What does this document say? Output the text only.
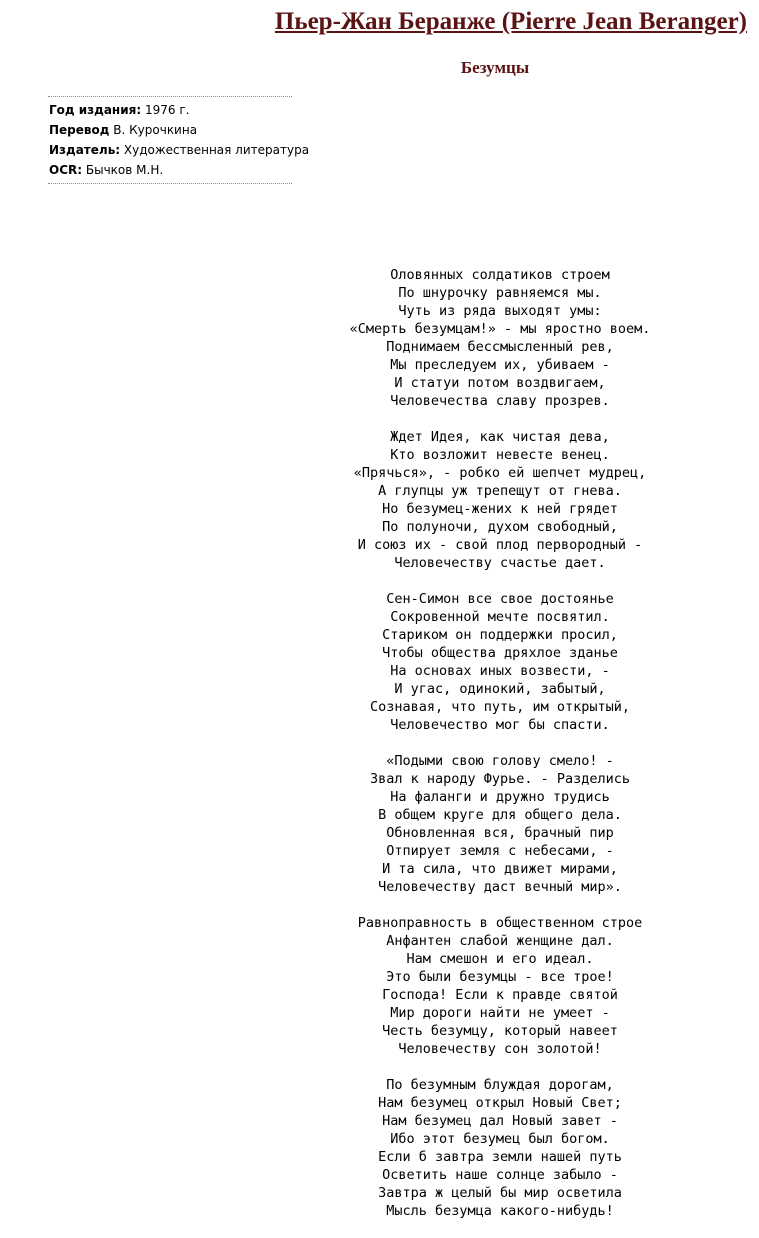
Пьер-Жан Беранже (Pierre Jean Beranger)
Безумцы
Год издания: 1976 г.
Перевод В. Курочкина
Издатель: Художественная литература
OCR: Бычков М.Н.
Оловянных солдатиков строем
По шнурочку равняемся мы.
Чуть из ряда выходят умы:
«Смерть безумцам!» - мы яростно воем.
Поднимаем бессмысленный рев,
Мы преследуем их, убиваем -
И статуи потом воздвигаем,
Человечества славу прозрев.
Ждет Идея, как чистая дева,
Кто возложит невесте венец.
«Прячься», - робко ей шепчет мудрец,
А глупцы уж трепещут от гнева.
Но безумец-жених к ней грядет
По полуночи, духом свободный,
И союз их - свой плод первородный -
Человечеству счастье дает.
Сен-Симон все свое достоянье
Сокровенной мечте посвятил.
Стариком он поддержки просил,
Чтобы общества дряхлое зданье
На основах иных возвести, -
И угас, одинокий, забытый,
Сознавая, что путь, им открытый,
Человечество мог бы спасти.
«Подыми свою голову смело! -
Звал к народу Фурье. - Разделись
На фаланги и дружно трудись
В общем круге для общего дела.
Обновленная вся, брачный пир
Отпирует земля с небесами, -
И та сила, что движет мирами,
Человечеству даст вечный мир».
Равноправность в общественном строе
Анфантен слабой женщине дал.
Нам смешон и его идеал.
Это были безумцы - все трое!
Господа! Если к правде святой
Мир дороги найти не умеет -
Честь безумцу, который навеет
Человечеству сон золотой!
По безумным блуждая дорогам,
Нам безумец открыл Новый Свет;
Нам безумец дал Новый завет -
Ибо этот безумец был богом.
Если б завтра земли нашей путь
Осветить наше солнце забыло -
Завтра ж целый бы мир осветила
Мысль безумца какого-нибудь!
